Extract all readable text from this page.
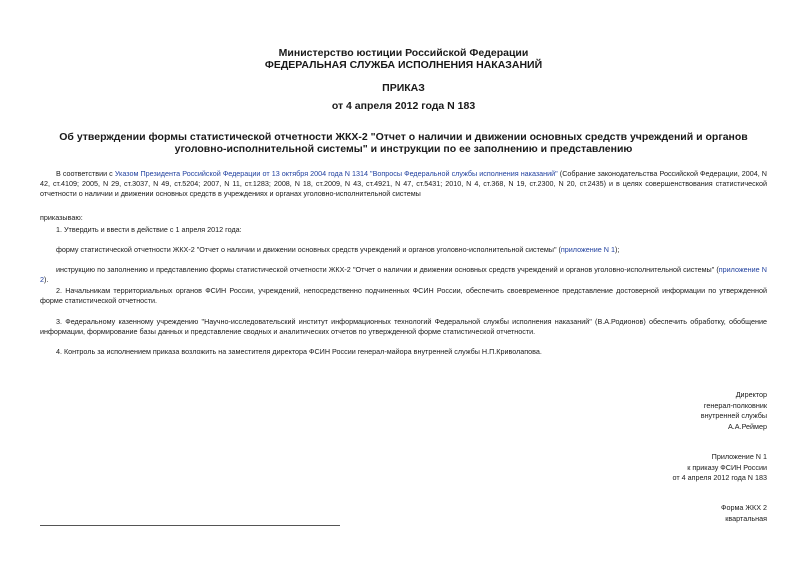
Министерство юстиции Российской Федерации
ФЕДЕРАЛЬНАЯ СЛУЖБА ИСПОЛНЕНИЯ НАКАЗАНИЙ
ПРИКАЗ
от 4 апреля 2012 года N 183
Об утверждении формы статистической отчетности ЖКХ-2 "Отчет о наличии и движении основных средств учреждений и органов уголовно-исполнительной системы" и инструкции по ее заполнению и представлению
В соответствии с Указом Президента Российской Федерации от 13 октября 2004 года N 1314 "Вопросы Федеральной службы исполнения наказаний" (Собрание законодательства Российской Федерации, 2004, N 42, ст.4109; 2005, N 29, ст.3037, N 49, ст.5204; 2007, N 11, ст.1283; 2008, N 18, ст.2009, N 43, ст.4921, N 47, ст.5431; 2010, N 4, ст.368, N 19, ст.2300, N 20, ст.2435) и в целях совершенствования статистической отчетности о наличии и движении основных средств в учреждениях и органах уголовно-исполнительной системы
приказываю:
1. Утвердить и ввести в действие с 1 апреля 2012 года:
форму статистической отчетности ЖКХ-2 "Отчет о наличии и движении основных средств учреждений и органов уголовно-исполнительной системы" (приложение N 1);
инструкцию по заполнению и представлению формы статистической отчетности ЖКХ-2 "Отчет о наличии и движении основных средств учреждений и органов уголовно-исполнительной системы" (приложение N 2).
2. Начальникам территориальных органов ФСИН России, учреждений, непосредственно подчиненных ФСИН России, обеспечить своевременное представление достоверной информации по утвержденной форме статистической отчетности.
3. Федеральному казенному учреждению "Научно-исследовательский институт информационных технологий Федеральной службы исполнения наказаний" (В.А.Родионов) обеспечить обработку, обобщение информации, формирование базы данных и представление сводных и аналитических отчетов по утвержденной форме статистической отчетности.
4. Контроль за исполнением приказа возложить на заместителя директора ФСИН России генерал-майора внутренней службы Н.П.Криволапова.
Директор
генерал-полковник
внутренней службы
А.А.Реймер
Приложение N 1
к приказу ФСИН России
от 4 апреля 2012 года N 183
Форма ЖКХ 2
квартальная
